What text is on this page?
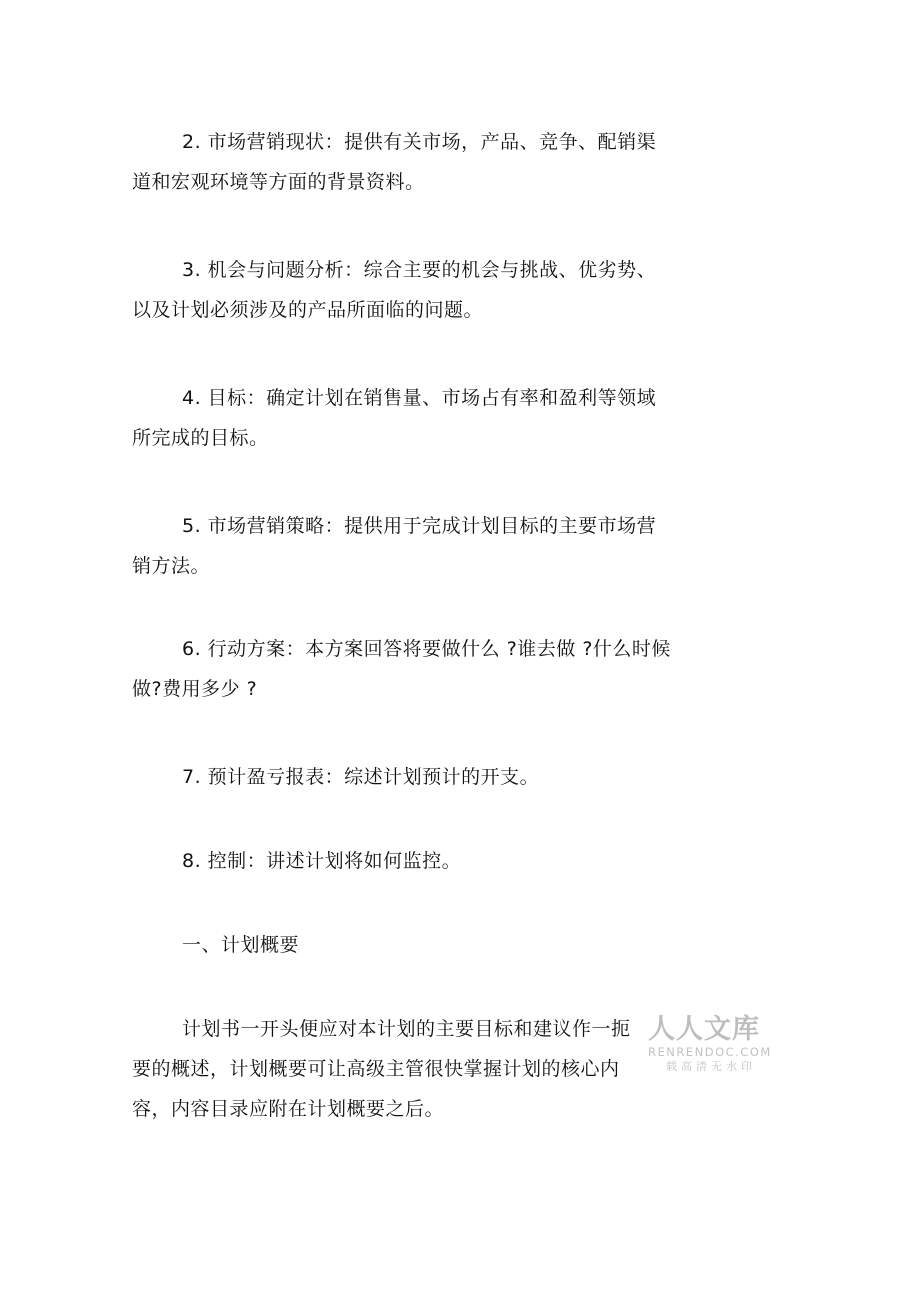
2. 市场营销现状：提供有关市场，产品、竞争、配销渠
道和宏观环境等方面的背景资料。

3. 机会与问题分析：综合主要的机会与挑战、优劣势、
以及计划必须涉及的产品所面临的问题。

4. 目标：确定计划在销售量、市场占有率和盈利等领域
所完成的目标。

5. 市场营销策略：提供用于完成计划目标的主要市场营
销方法。

6. 行动方案：本方案回答将要做什么 ?谁去做 ?什么时候
做?费用多少 ?

7. 预计盈亏报表：综述计划预计的开支。

8. 控制：讲述计划将如何监控。

一、计划概要

计划书一开头便应对本计划的主要目标和建议作一扼
要的概述，计划概要可让高级主管很快掌握计划的核心内
容，内容目录应附在计划概要之后。

人人文库
RENRENDOC.COM
载高清无水印
